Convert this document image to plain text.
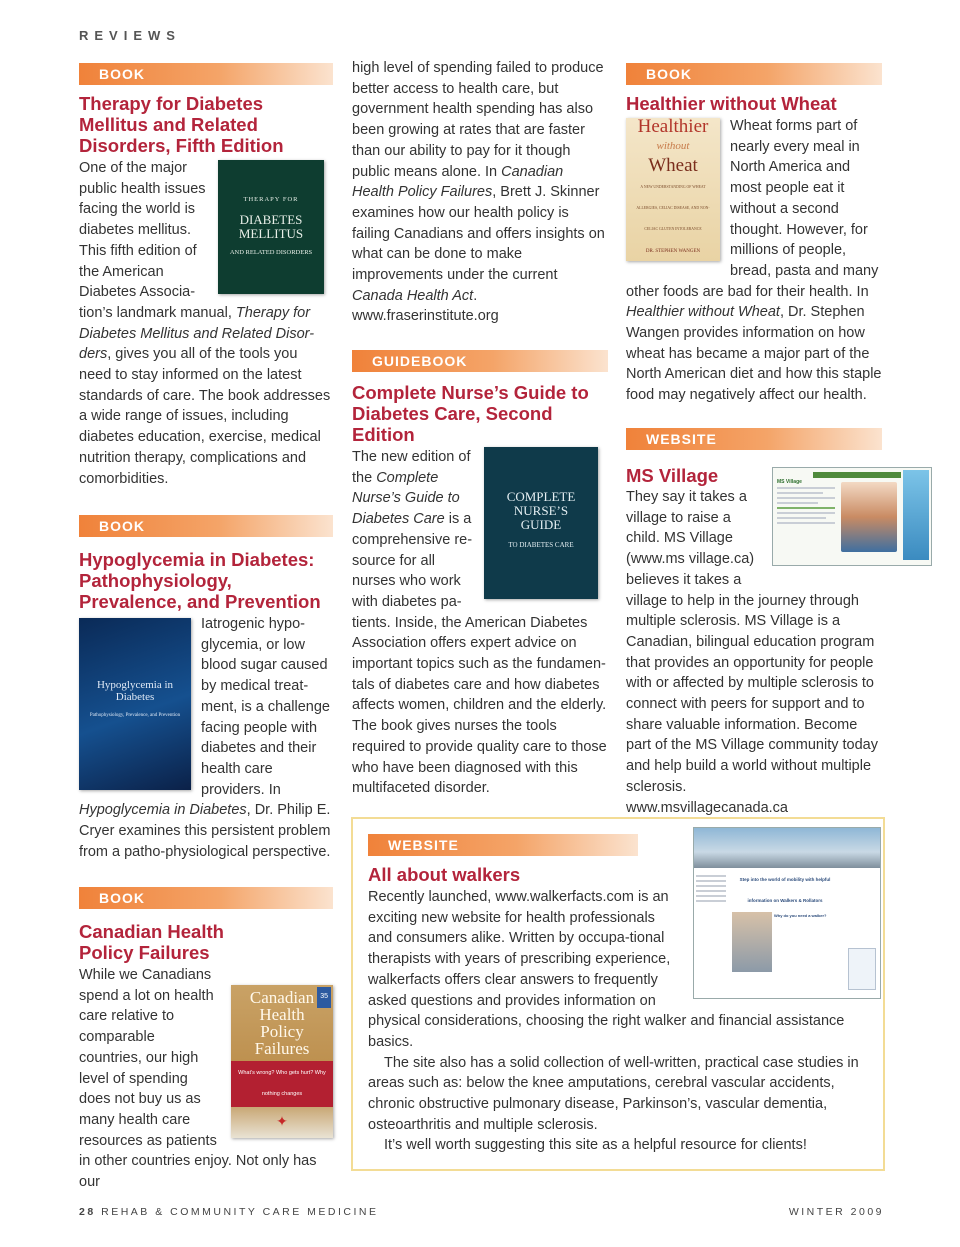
REVIEWS
BOOK
Therapy for Diabetes Mellitus and Related Disorders, Fifth Edition

THERAPY FOR
DIABETES MELLITUS
AND RELATED DISORDERS
One of the major public health issues facing the world is diabetes mellitus. This fifth edition of the American Diabetes Associa-tion’s landmark manual, Therapy for Diabetes Mellitus and Related Disor-ders, gives you all of the tools you need to stay informed on the latest standards of care. The book addresses a wide range of issues, including diabetes education, exercise, medical nutrition therapy, complications and comorbidities.

BOOK
Hypoglycemia in Diabetes: Pathophysiology, Prevalence, and Prevention

Hypoglycemia in Diabetes
Pathophysiology, Prevalence, and Prevention
Iatrogenic hypo-glycemia, or low blood sugar caused by medical treat-ment, is a challenge facing people with diabetes and their health care providers. In Hypoglycemia in Diabetes, Dr. Philip E. Cryer examines this persistent problem from a patho-physiological perspective.

BOOK
Canadian Health Policy Failures

35
Canadian Health Policy Failures
What’s wrong? Who gets hurt? Why nothing changes
✦
While we Canadians spend a lot on health care relative to comparable countries, our high level of spending does not buy us as many health care resources as patients in other countries enjoy. Not only has our

high level of spending failed to produce better access to health care, but government health spending has also been growing at rates that are faster than our ability to pay for it though public means alone. In Canadian Health Policy Failures, Brett J. Skinner examines how our health policy is failing Canadians and offers insights on what can be done to make improvements under the current Canada Health Act.
www.fraserinstitute.org

GUIDEBOOK
Complete Nurse’s Guide to Diabetes Care, Second Edition

COMPLETE NURSE’S GUIDE
TO DIABETES CARE
The new edition of the Complete Nurse’s Guide to Diabetes Care is a comprehensive re-source for all nurses who work with diabetes pa-tients. Inside, the American Diabetes Association offers expert advice on important topics such as the fundamen-tals of diabetes care and how diabetes affects women, children and the elderly. The book gives nurses the tools required to provide quality care to those who have been diagnosed with this multifaceted disorder.

BOOK
Healthier without Wheat

Healthier
without
Wheat
A NEW UNDERSTANDING OF WHEAT ALLERGIES, CELIAC DISEASE, AND NON-CELIAC GLUTEN INTOLERANCE
DR. STEPHEN WANGEN
Wheat forms part of nearly every meal in North America and most people eat it without a second thought. However, for millions of people, bread, pasta and many other foods are bad for their health. In Healthier without Wheat, Dr. Stephen Wangen provides information on how wheat has became a major part of the North American diet and how this staple food may negatively affect our health.

WEBSITE
MS Village	MS Village
They say it takes a village to raise a child. MS Village (www.ms village.ca) believes it takes a village to help in the journey through multiple sclerosis. MS Village is a Canadian, bilingual education program that provides an opportunity for people with or affected by multiple sclerosis to connect with peers for support and to share valuable information. Become part of the MS Village community today and help build a world without multiple sclerosis.
www.msvillagecanada.ca

WEBSITE
All about walkers	Step into the world of mobility with helpful information on Walkers & Rollators
Why do you need a walker?
Recently launched, www.walkerfacts.com is an exciting new website for health professionals and consumers alike. Written by occupa-tional therapists with years of prescribing experience, walkerfacts offers clear answers to frequently asked questions and provides information on physical considerations, choosing the right walker and financial assistance basics.

The site also has a solid collection of well-written, practical case studies in areas such as: below the knee amputations, cerebral vascular accidents, chronic obstructive pulmonary disease, Parkinson’s, vascular dementia, osteoarthritis and multiple sclerosis.

It’s well worth suggesting this site as a helpful resource for clients!

28 REHAB & COMMUNITY CARE MEDICINE	WINTER 2009
